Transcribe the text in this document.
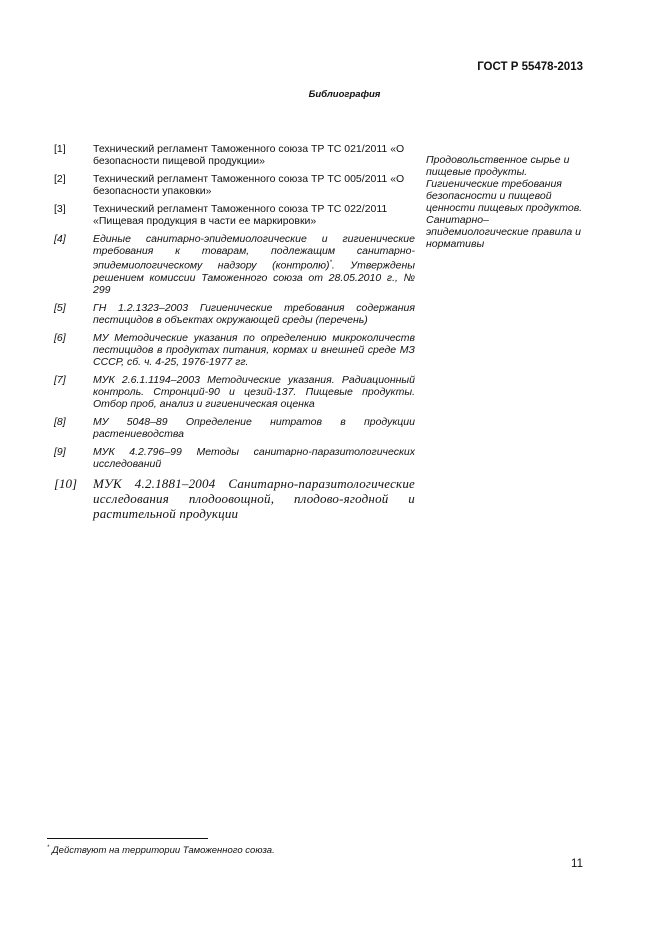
ГОСТ Р 55478-2013
Библиография
[1]	Технический регламент Таможенного союза ТР ТС 021/2011 «О безопасности пищевой продукции»
[2]	Технический регламент Таможенного союза ТР ТС 005/2011 «О безопасности упаковки»
[3]	Технический регламент Таможенного союза ТР ТС 022/2011 «Пищевая продукция в части ее маркировки»
[4]	Единые санитарно-эпидемиологические и гигиенические требования к товарам, подлежащим санитарно-эпидемиологическому надзору (контролю)*. Утверждены решением комиссии Таможенного союза от 28.05.2010 г., № 299
[5]	ГН 1.2.1323–2003 Гигиенические требования содержания пестицидов в объектах окружающей среды (перечень)
[6]	МУ Методические указания по определению микроколичеств пестицидов в продуктах питания, кормах и внешней среде МЗ СССР, сб. ч. 4-25, 1976-1977 гг.
[7]	МУК 2.6.1.1194–2003 Методические указания. Радиационный контроль. Стронций-90 и цезий-137. Пищевые продукты. Отбор проб, анализ и гигиеническая оценка
[8]	МУ 5048–89 Определение нитратов в продукции растениеводства
[9]	МУК 4.2.796–99 Методы санитарно-паразитологических исследований
[10]	МУК 4.2.1881–2004 Санитарно-паразитологические исследования плодоовощной, плодово-ягодной и растительной продукции
Продовольственное сырье и пищевые продукты. Гигиенические требования безопасности и пищевой ценности пищевых продуктов. Санитарно–эпидемиологические правила и нормативы
* Действуют на территории Таможенного союза.
11
